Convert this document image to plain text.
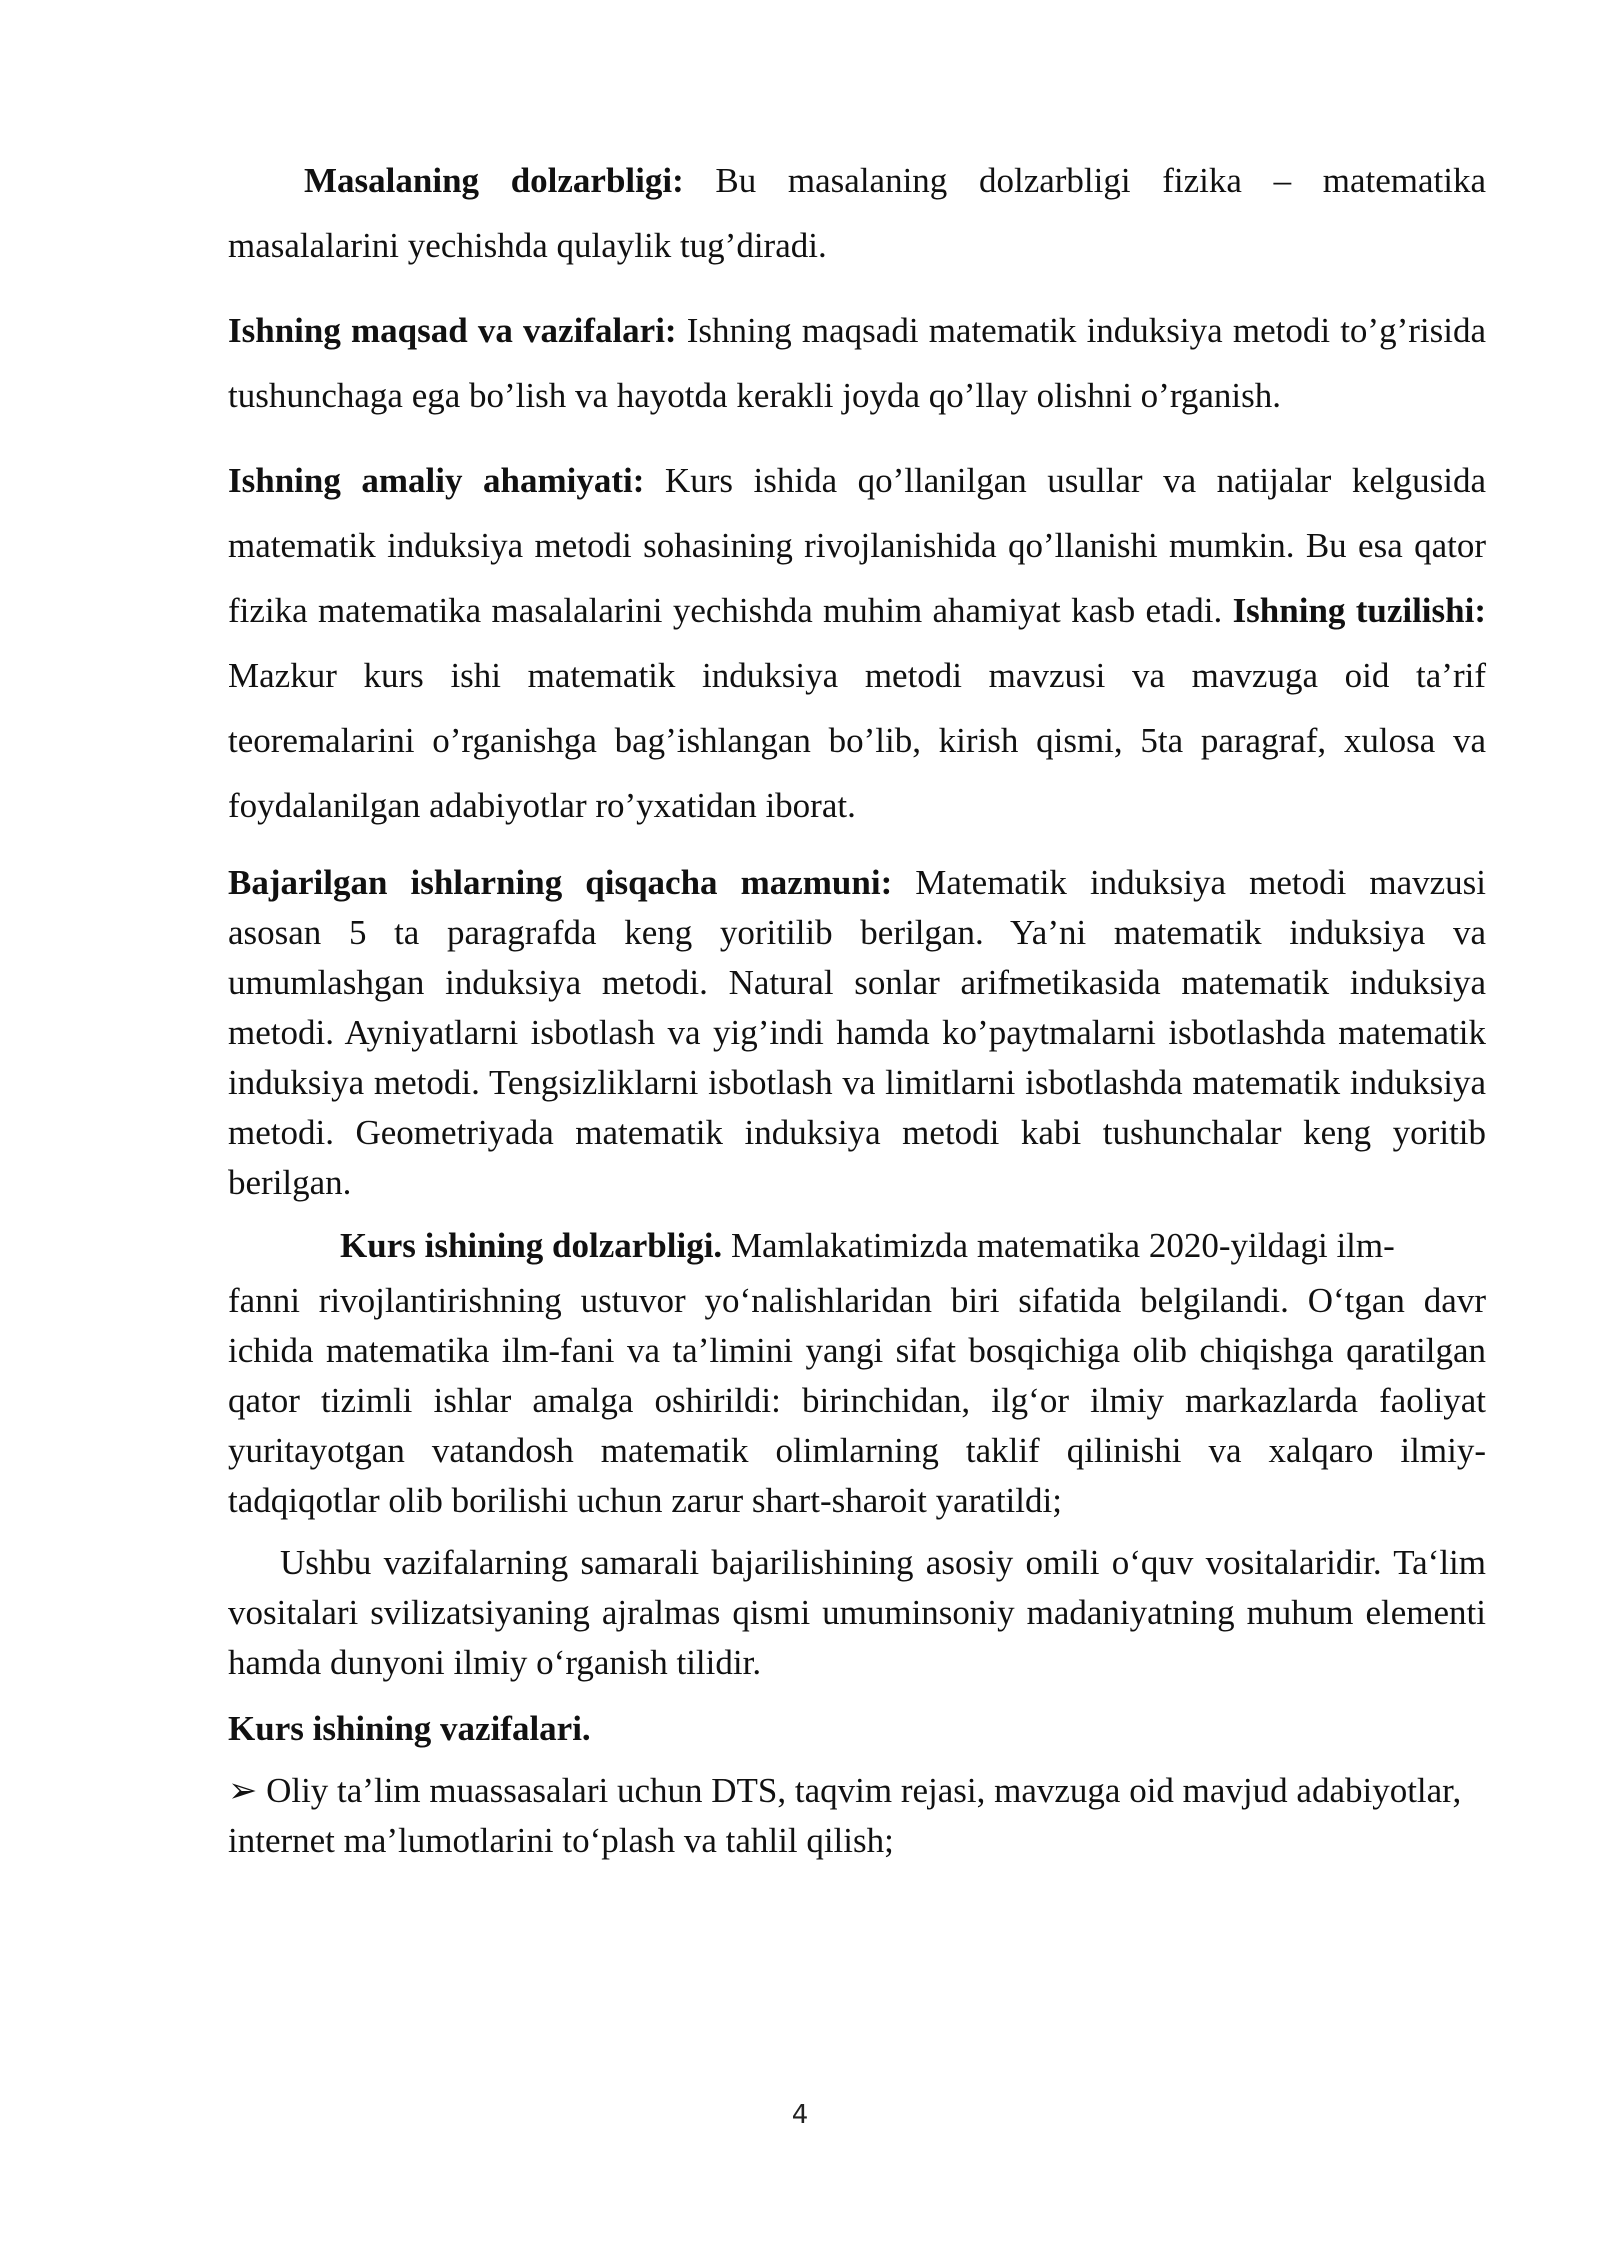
Masalaning dolzarbligi: Bu masalaning dolzarbligi fizika – matematika masalalarini yechishda qulaylik tug’diradi.

Ishning maqsad va vazifalari: Ishning maqsadi matematik induksiya metodi to’g’risida tushunchaga ega bo’lish va hayotda kerakli joyda qo’llay olishni o’rganish.

Ishning amaliy ahamiyati: Kurs ishida qo’llanilgan usullar va natijalar kelgusida matematik induksiya metodi sohasining rivojlanishida qo’llanishi mumkin. Bu esa qator fizika matematika masalalarini yechishda muhim ahamiyat kasb etadi. Ishning tuzilishi: Mazkur kurs ishi matematik induksiya metodi mavzusi va mavzuga oid ta’rif teoremalarini o’rganishga bag’ishlangan bo’lib, kirish qismi, 5ta paragraf, xulosa va foydalanilgan adabiyotlar ro’yxatidan iborat.

Bajarilgan ishlarning qisqacha mazmuni: Matematik induksiya metodi mavzusi asosan 5 ta paragrafda keng yoritilib berilgan. Ya’ni matematik induksiya va umumlashgan induksiya metodi. Natural sonlar arifmetikasida matematik induksiya metodi. Ayniyatlarni isbotlash va yig’indi hamda ko’paytmalarni isbotlashda matematik induksiya metodi. Tengsizliklarni isbotlash va limitlarni isbotlashda matematik induksiya metodi. Geometriyada matematik induksiya metodi kabi tushunchalar keng yoritib berilgan.

Kurs ishining dolzarbligi. Mamlakatimizda matematika 2020-yildagi ilm-

fanni rivojlantirishning ustuvor yoʻnalishlaridan biri sifatida belgilandi. Oʻtgan davr ichida matematika ilm-fani va taʼlimini yangi sifat bosqichiga olib chiqishga qaratilgan qator tizimli ishlar amalga oshirildi: birinchidan, ilgʻor ilmiy markazlarda faoliyat yuritayotgan vatandosh matematik olimlarning taklif qilinishi va xalqaro ilmiy-tadqiqotlar olib borilishi uchun zarur shart-sharoit yaratildi;

Ushbu vazifalarning samarali bajarilishining asosiy omili oʻquv vositalaridir. Taʻlim vositalari svilizatsiyaning ajralmas qismi umuminsoniy madaniyatning muhum elementi hamda dunyoni ilmiy oʻrganish tilidir.

Kurs ishining vazifalari.

➢ Oliy ta’lim muassasalari uchun DTS, taqvim rejasi, mavzuga oid mavjud adabiyotlar, internet ma’lumotlarini toʻplash va tahlil qilish;

4
